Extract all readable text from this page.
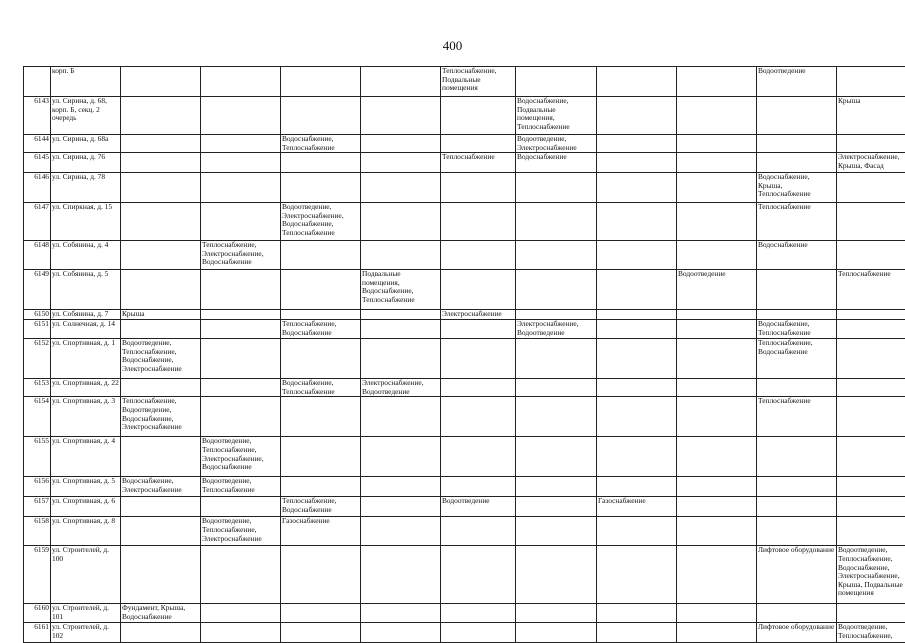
400
	корп. Б					Теплоснабжение, Подвальные помещения				Водоотведение	
6143	ул. Сирина, д. 68, корп. Б, секц. 2 очередь						Водоснабжение, Подвальные помещения, Теплоснабжение				Крыша
6144	ул. Сирина, д. 68а			Водоснабжение, Теплоснабжение			Водоотведение, Электроснабжение				
6145	ул. Сирина, д. 76					Теплоснабжение	Водоснабжение				Электроснабжение, Крыша, Фасад
6146	ул. Сирина, д. 78									Водоснабжение, Крыша, Теплоснабжение	
6147	ул. Спиркная, д. 15			Водоотведение, Электроснабжение, Водоснабжение, Теплоснабжение						Теплоснабжение	
6148	ул. Собянина, д. 4		Теплоснабжение, Электроснабжение, Водоснабжение							Водоснабжение	
6149	ул. Собянина, д. 5				Подвальные помещения, Водоснабжение, Теплоснабжение				Водоотведение		Теплоснабжение
6150	ул. Собянина, д. 7	Крыша				Электроснабжение					
6151	ул. Солнечная, д. 14			Теплоснабжение, Водоснабжение			Электроснабжение, Водоотведение			Водоснабжение, Теплоснабжение	
6152	ул. Спортивная, д. 1	Водоотведение, Теплоснабжение, Водоснабжение, Электроснабжение								Теплоснабжение, Водоснабжение	
6153	ул. Спортивная, д. 22			Водоснабжение, Теплоснабжение	Электроснабжение, Водоотведение						
6154	ул. Спортивная, д. 3	Теплоснабжение, Водоотведение, Водоснабжение, Электроснабжение								Теплоснабжение	
6155	ул. Спортивная, д. 4		Водоотведение, Теплоснабжение, Электроснабжение, Водоснабжение								
6156	ул. Спортивная, д. 5	Водоснабжение, Электроснабжение	Водоотведение, Теплоснабжение								
6157	ул. Спортивная, д. 6			Теплоснабжение, Водоснабжение		Водоотведение		Газоснабжение			
6158	ул. Спортивная, д. 8		Водоотведение, Теплоснабжение, Электроснабжение	Газоснабжение							
6159	ул. Строителей, д. 100									Лифтовое оборудование	Водоотведение, Теплоснабжение, Водоснабжение, Электроснабжение, Крыша, Подвальные помещения
6160	ул. Строителей, д. 101	Фундамент, Крыша, Водоснабжение									
6161	ул. Строителей, д. 102									Лифтовое оборудование	Водоотведение, Теплоснабжение,
